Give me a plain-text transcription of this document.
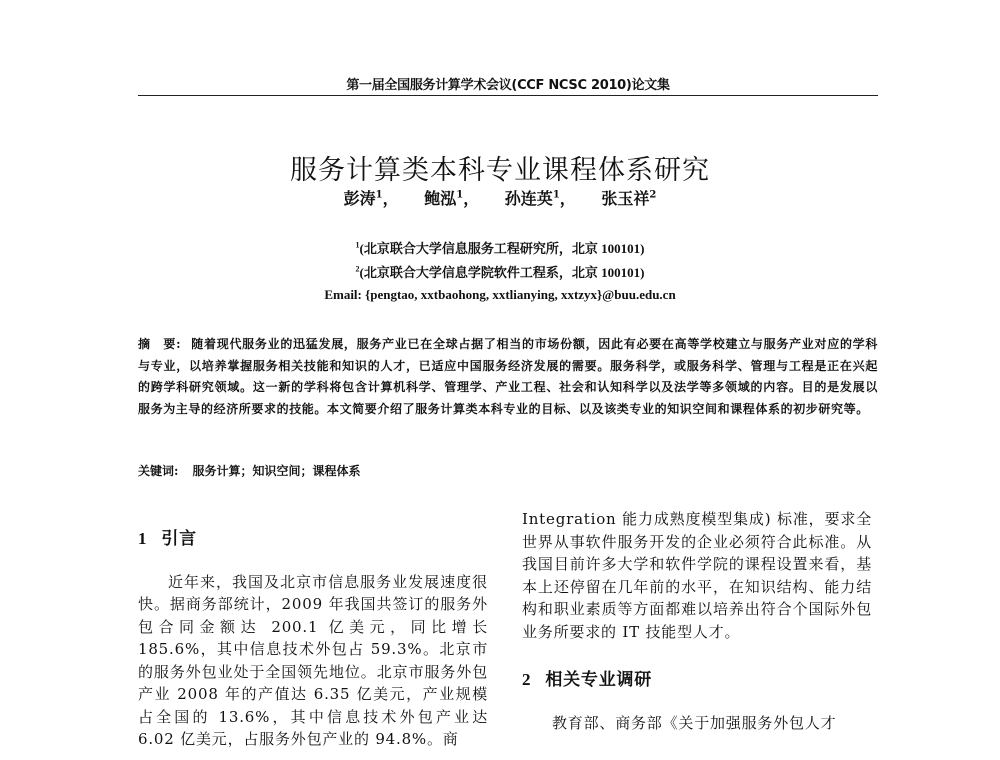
第一届全国服务计算学术会议(CCF NCSC 2010)论文集
服务计算类本科专业课程体系研究
彭涛$^1$， 鲍泓$^1$， 孙连英$^1$， 张玉祥$^2$
$^1$(北京联合大学信息服务工程研究所，北京 100101)
$^2$(北京联合大学信息学院软件工程系，北京 100101)
Email: {pengtao, xxtbaohong, xxtlianying, xxtzyx}@buu.edu.cn
摘　要: 随着现代服务业的迅猛发展，服务产业已在全球占据了相当的市场份额，因此有必要在高等学校建立与服务产业对应的学科与专业，以培养掌握服务相关技能和知识的人才，已适应中国服务经济发展的需要。服务科学，或服务科学、管理与工程是正在兴起的跨学科研究领域。这一新的学科将包含计算机科学、管理学、产业工程、社会和认知科学以及法学等多领域的内容。目的是发展以服务为主导的经济所要求的技能。本文简要介绍了服务计算类本科专业的目标、以及该类专业的知识空间和课程体系的初步研究等。
关键词: 服务计算；知识空间；课程体系
1 引言

近年来，我国及北京市信息服务业发展速度很快。据商务部统计，2009 年我国共签订的服务外包合同金额达 200.1 亿美元，同比增长 185.6%，其中信息技术外包占 59.3%。北京市的服务外包业处于全国领先地位。北京市服务外包产业 2008 年的产值达 6.35 亿美元，产业规模占全国的 13.6%，其中信息技术外包产业达 6.02 亿美元，占服务外包产业的 94.8%。商

Integration 能力成熟度模型集成) 标准，要求全世界从事软件服务开发的企业必须符合此标准。从我国目前许多大学和软件学院的课程设置来看，基本上还停留在几年前的水平，在知识结构、能力结构和职业素质等方面都难以培养出符合个国际外包业务所要求的 IT 技能型人才。

2 相关专业调研

教育部、商务部《关于加强服务外包人才
